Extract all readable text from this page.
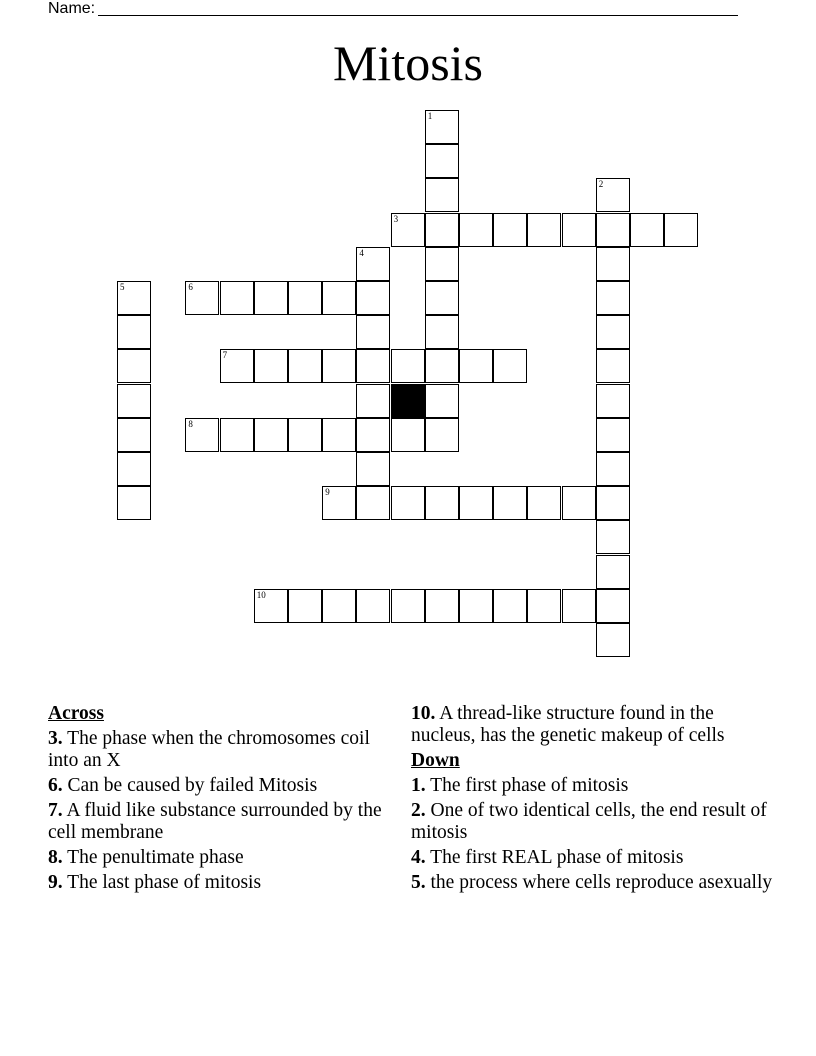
Name:
Mitosis
1
2
3
4
5	6
7
8
9
10
Across
3. The phase when the chromosomes coil into an X
6. Can be caused by failed Mitosis
7. A fluid like substance surrounded by the cell membrane
8. The penultimate phase
9. The last phase of mitosis
10. A thread-like structure found in the nucleus, has the genetic makeup of cells
Down
1. The first phase of mitosis
2. One of two identical cells, the end result of mitosis
4. The first REAL phase of mitosis
5. the process where cells reproduce asexually
